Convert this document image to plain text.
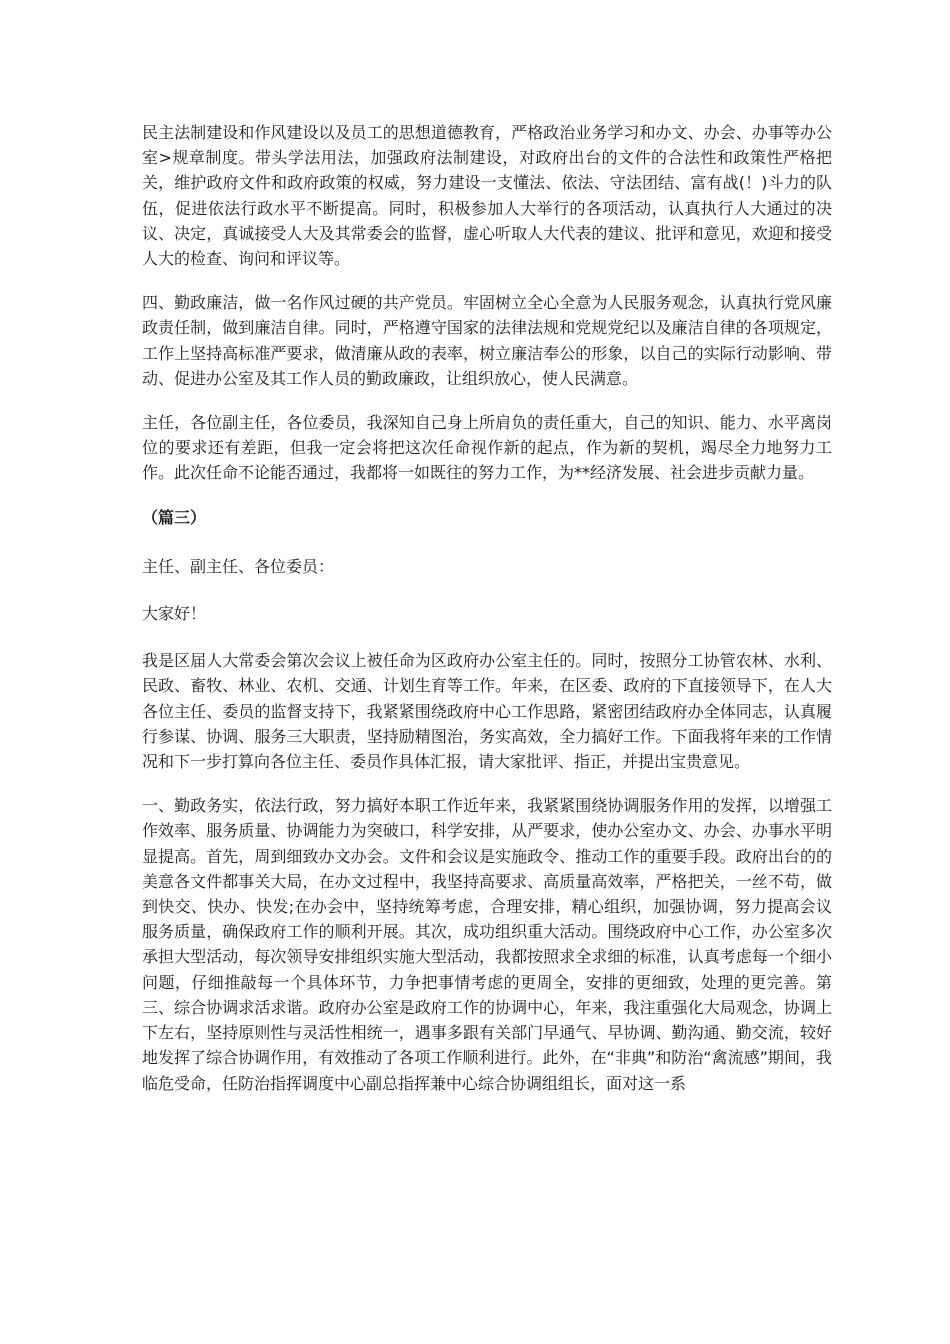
民主法制建设和作风建设以及员工的思想道德教育，严格政治业务学习和办文、办会、办事等办公室>规章制度。带头学法用法，加强政府法制建设，对政府出台的文件的合法性和政策性严格把关，维护政府文件和政府政策的权威，努力建设一支懂法、依法、守法团结、富有战(！)斗力的队伍，促进依法行政水平不断提高。同时，积极参加人大举行的各项活动，认真执行人大通过的决议、决定，真诚接受人大及其常委会的监督，虚心听取人大代表的建议、批评和意见，欢迎和接受人大的检查、询问和评议等。

四、勤政廉洁，做一名作风过硬的共产党员。牢固树立全心全意为人民服务观念，认真执行党风廉政责任制，做到廉洁自律。同时，严格遵守国家的法律法规和党规党纪以及廉洁自律的各项规定，工作上坚持高标准严要求，做清廉从政的表率，树立廉洁奉公的形象，以自己的实际行动影响、带动、促进办公室及其工作人员的勤政廉政，让组织放心，使人民满意。

主任，各位副主任，各位委员，我深知自己身上所肩负的责任重大，自己的知识、能力、水平离岗位的要求还有差距，但我一定会将把这次任命视作新的起点，作为新的契机，竭尽全力地努力工作。此次任命不论能否通过，我都将一如既往的努力工作，为**经济发展、社会进步贡献力量。

（篇三）

主任、副主任、各位委员：

大家好！

我是区届人大常委会第次会议上被任命为区政府办公室主任的。同时，按照分工协管农林、水利、民政、畜牧、林业、农机、交通、计划生育等工作。年来，在区委、政府的下直接领导下，在人大各位主任、委员的监督支持下，我紧紧围绕政府中心工作思路，紧密团结政府办全体同志，认真履行参谋、协调、服务三大职责，坚持励精图治，务实高效，全力搞好工作。下面我将年来的工作情况和下一步打算向各位主任、委员作具体汇报，请大家批评、指正，并提出宝贵意见。

一、勤政务实，依法行政，努力搞好本职工作近年来，我紧紧围绕协调服务作用的发挥，以增强工作效率、服务质量、协调能力为突破口，科学安排，从严要求，使办公室办文、办会、办事水平明显提高。首先，周到细致办文办会。文件和会议是实施政令、推动工作的重要手段。政府出台的的美意各文件都事关大局，在办文过程中，我坚持高要求、高质量高效率，严格把关，一丝不苟，做到快交、快办、快发;在办会中，坚持统筹考虑，合理安排，精心组织，加强协调，努力提高会议服务质量，确保政府工作的顺利开展。其次，成功组织重大活动。围绕政府中心工作，办公室多次承担大型活动，每次领导安排组织实施大型活动，我都按照求全求细的标准，认真考虑每一个细小问题，仔细推敲每一个具体环节，力争把事情考虑的更周全，安排的更细致，处理的更完善。第三、综合协调求活求谐。政府办公室是政府工作的协调中心，年来，我注重强化大局观念，协调上下左右，坚持原则性与灵活性相统一，遇事多跟有关部门早通气、早协调、勤沟通、勤交流，较好地发挥了综合协调作用，有效推动了各项工作顺利进行。此外，在“非典”和防治“禽流感”期间，我临危受命，任防治指挥调度中心副总指挥兼中心综合协调组组长，面对这一系
